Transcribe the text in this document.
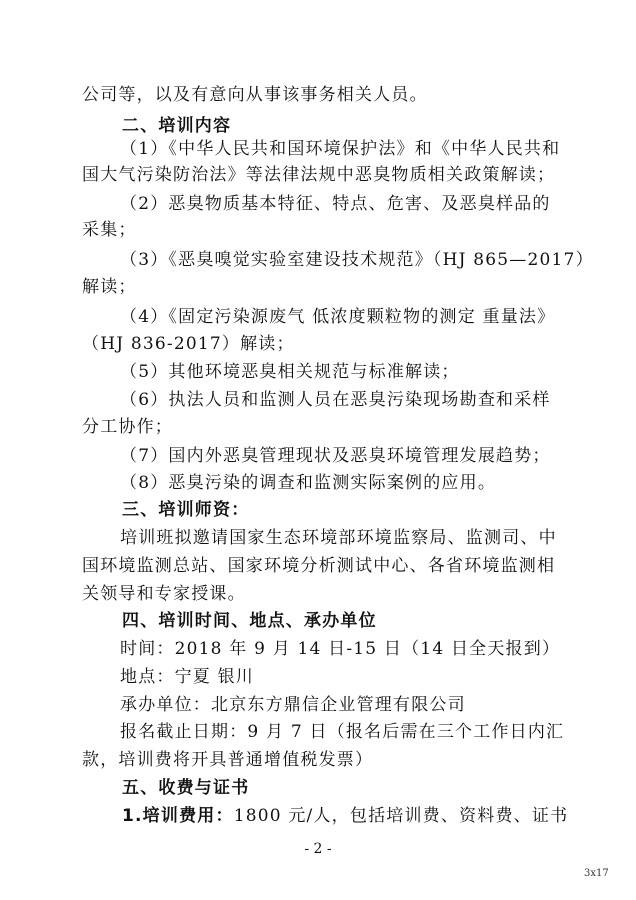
公司等，以及有意向从事该事务相关人员。
二、培训内容
（1）《中华人民共和国环境保护法》和《中华人民共和
国大气污染防治法》等法律法规中恶臭物质相关政策解读；
（2）恶臭物质基本特征、特点、危害、及恶臭样品的
采集；
（3）《恶臭嗅觉实验室建设技术规范》（HJ 865—2017）
解读；
（4）《固定污染源废气 低浓度颗粒物的测定 重量法》
（HJ 836-2017）解读；
（5）其他环境恶臭相关规范与标准解读；
（6）执法人员和监测人员在恶臭污染现场勘查和采样
分工协作；
（7）国内外恶臭管理现状及恶臭环境管理发展趋势；
（8）恶臭污染的调查和监测实际案例的应用。
三、培训师资：
培训班拟邀请国家生态环境部环境监察局、监测司、中
国环境监测总站、国家环境分析测试中心、各省环境监测相
关领导和专家授课。
四、培训时间、地点、承办单位
时间：2018 年 9 月 14 日-15 日（14 日全天报到）
地点：宁夏 银川
承办单位：北京东方鼎信企业管理有限公司
报名截止日期：9 月 7 日（报名后需在三个工作日内汇
款，培训费将开具普通增值税发票）
五、收费与证书
1.培训费用：1800 元/人，包括培训费、资料费、证书
- 2 -
3x17
